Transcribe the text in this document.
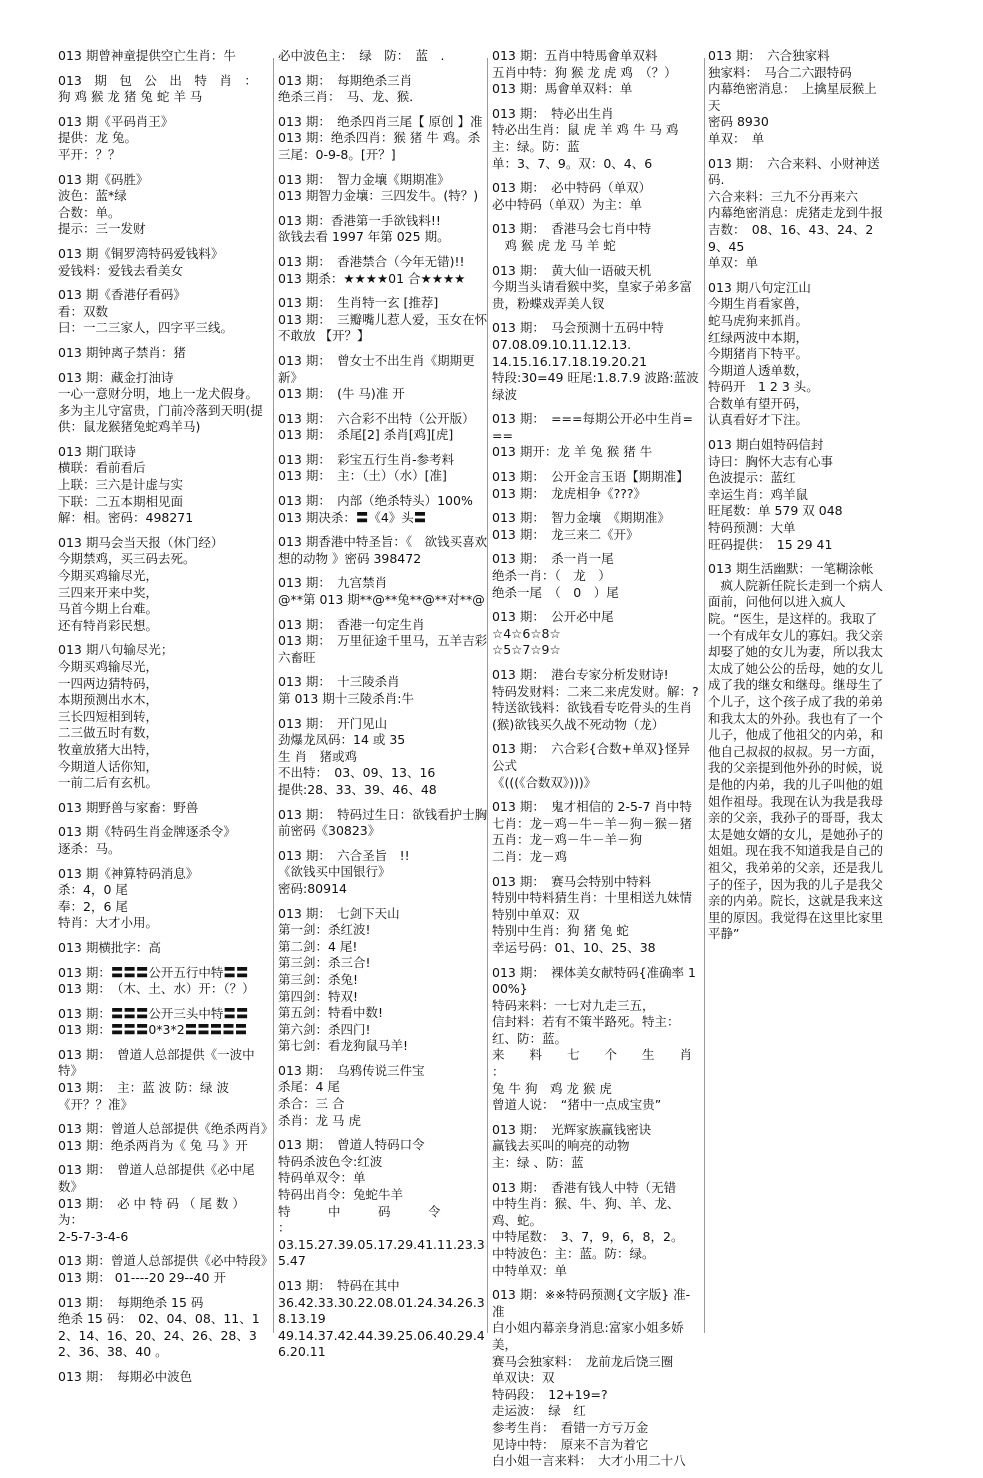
013 期曾神童提供空亡生肖：牛
013　期　包　公　出　特　肖　：
狗 鸡 猴 龙 猪 兔 蛇 羊 马
013 期《平码肖王》
提供：龙 兔。
平开：？？
013 期《码胜》
波色：蓝*绿
合数：单。
提示：三一发财
013 期《铜罗湾特码爱钱料》
爱钱料：爱钱去看美女
013 期《香港仔看码》
看：双数
曰：一二三家人，四字平三线。
013 期钟离子禁肖：猪
013 期：藏金打油诗
一心一意财分明，地上一龙犬假身。多为主儿守富贵，门前冷落到天明(提供：鼠龙猴猪兔蛇鸡羊马)
013 期门联诗
横联：看前看后
上联：三六是计虚与实
下联：二五本期相见面
解：相。密码：498271
013 期马会当天报（休门经）
今期禁鸡，买三码去死。
今期买鸡输尽光，
三四来开来中奖，
马首今期上台难。
还有特肖彩民想。
013 期八句输尽光；
今期买鸡输尽光，
一四两边猜特码，
本期预测出水木，
三长四短相到转，
二三做五时有数，
牧童放猪大出特，
今期道人话你知，
一前二后有玄机。
013 期野兽与家畜：野兽
013 期《特码生肖金牌逐杀令》
逐杀：马。
013 期《神算特码消息》
杀：4，0 尾
奉：2，6 尾
特肖：大才小用。
013 期横批字：高
013 期：〓〓〓公开五行中特〓〓
013 期：　（木、土、水）开：（？）
013 期：〓〓〓公开三头中特〓〓
013 期：〓〓〓0*3*2〓〓〓〓〓
013 期：　曾道人总部提供《一波中特》
013 期：　主：蓝 波 防：绿 波《开？？准》
013 期：曾道人总部提供《绝杀两肖》
013 期：绝杀两肖为《 兔 马 》开
013 期：　曾道人总部提供《必中尾数》
013 期：　必 中 特 码 （ 尾 数 ） 为：
2-5-7-3-4-6
013 期：曾道人总部提供《必中特段》
013 期： 01----20 29--40 开
013 期：　每期绝杀 15 码
绝杀 15 码：　02、04、08、11、12、14、16、20、24、26、28、32、36、38、40 。
013 期：　每期必中波色
必中波色主：　绿　防：　蓝　.
013 期：　每期绝杀三肖
绝杀三肖：　马、龙、猴．
013 期：　绝杀四肖三尾【 原创 】准
013 期：绝杀四肖：猴 猪 牛 鸡。杀三尾：0-9-8。[开？]
013 期：　智力金壤《期期准》
013 期智力金壤：三四发牛。(特？)
013 期：香港第一手欲钱料!!
欲钱去看 1997 年第 025 期。
013 期：　香港禁合（今年无错)!!
013 期杀：★★★★01 合★★★★
013 期：　生肖特一玄 [推荐]
013 期：　三瓣嘴儿惹人爱，玉女在怀不敢放 【开？】
013 期：　曾女士不出生肖《期期更新》
013 期：　(牛 马)准 开
013 期：　六合彩不出特（公开版）
013 期：　杀尾[2] 杀肖[鸡][虎]
013 期：　彩宝五行生肖-参考料
013 期：　主：（土）（水）[准]
013 期：　内部（绝杀特头）100%
013 期决杀：〓《4》头〓
013 期香港中特圣旨：《　欲钱买喜欢想的动物 》密码 398472
013 期：　九宫禁肖
@**第 013 期**@**兔**@**对**@
013 期：　香港一句定生肖
013 期：　万里征途千里马，五羊吉彩六畜旺
013 期：　十三陵杀肖
第 013 期十三陵杀肖:牛
013 期：　开门见山
劲爆龙凤码：14 或 35
生 肖　猪或鸡
不出特：　03、09、13、16
提供:28、33、39、46、48
013 期：　特码过生日：欲钱看护士胸前密码《30823》
013 期：　六合圣旨　!!
《欲钱买中国银行》
密码:80914
013 期：　七剑下天山
第一剑：杀红波!
第二剑：4 尾!
第三剑：杀三合!
第三剑：杀兔!
第四剑：特双!
第五剑：特看中数!
第六剑：杀四门!
第七剑：看龙狗鼠马羊!
013 期：　乌鸦传说三件宝
杀尾：4 尾
杀合：三 合
杀肖：龙 马 虎
013 期：　曾道人特码口令
特码杀波色令:红波
特码单双令：单
特码出肖令：兔蛇牛羊
特　　　中　　　码　　　令　　　：
03.15.27.39.05.17.29.41.11.23.35.47
013 期：　特码在其中
36.42.33.30.22.08.01.24.34.26.38.13.19
49.14.37.42.44.39.25.06.40.29.46.20.11
013 期：五肖中特馬會单双料
五肖中特：狗 猴 龙 虎 鸡　（？）
013 期：馬會单双料：单
013 期：　特必出生肖
特必出生肖：鼠 虎 羊 鸡 牛 马 鸡
主：绿。防：蓝
单：3、7、9。双：0、4、6
013 期：　必中特码（单双）
必中特码（单双）为主：单
013 期：　香港马会七肖中特
　鸡 猴 虎 龙 马 羊 蛇
013 期：　黄大仙一语破天机
今期当头请看猴中奖，皇家子弟多富贵，粉蝶戏弄美人钗
013 期：　马会预测十五码中特
07.08.09.10.11.12.13.
14.15.16.17.18.19.20.21
特段:30=49 旺尾:1.8.7.9 波路:蓝波绿波
013 期：　===每期公开必中生肖===
013 期开：龙 羊 兔 猴 猪 牛
013 期：　公开金言玉语【期期准】
013 期：　龙虎相争《???》
013 期：　智力金壤　《期期准》
013 期：　龙三来二《开》
013 期：　杀一肖一尾
绝杀一肖：（　龙　）
绝杀一尾　（　0　）尾
013 期：　公开必中尾
☆4☆6☆8☆
☆5☆7☆9☆
013 期：　港台专家分析发财诗!
特码发财料：二来二来虎发财。解：?
特送欲钱料：欲钱看专吃骨头的生肖(猴)欲钱买久战不死动物（龙）
013 期：　六合彩{合数+单双}怪异公式
《(((《合数双》)))》
013 期：　鬼才相信的 2-5-7 肖中特
七肖：龙－鸡－牛－羊－狗－猴－猪
五肖：龙－鸡－牛－羊－狗
二肖：龙－鸡
013 期：　赛马会特别中特料
特别中特料猜生肖：十里相送九妹情
特别中单双：双
特别中生肖：狗 猪 兔 蛇
幸运号码：01、10、25、38
013 期：　裸体美女献特码{准确率 100%}
特码来料：一七对九走三五，
信封料：若有不策半路死。特主：红、防：蓝。
来　　料　　七　　个　　生　　肖　　：
兔 牛 狗　鸡 龙 猴 虎
曾道人说：　“猪中一点成宝贵”
013 期：　光辉家族赢钱密诀
赢钱去买叫的响亮的动物
主：绿 、防：蓝
013 期：　香港有钱人中特（无错
中特生肖：猴、牛、狗、羊、龙、鸡、蛇。
中特尾数：　3、7，9，6，8，2。
中特波色：主：蓝。防：绿。
中特单双：单
013 期：※※特码预测{文字版} 准-准
白小姐内幕亲身消息:富家小姐多娇美，
赛马会独家料：　龙前龙后饶三圈
单双诀：双
特码段：　12+19=?
走运波：　绿　红
参考生肖：　看错一方亏万金
见诗中特：　原来不言为着它
白小姐一言来料：　大才小用二十八
013 期：　六合独家料
独家料：　马合二六跟特码
内幕绝密消息：　上擒星辰猴上天
密码 8930
单双：　单
013 期：　六合来料、小财神送码.
六合来料：三九不分再来六
内幕绝密消息：虎猪走龙到牛报
吉数：　08、16、43、24、29、45
单双：单
013 期八句定江山
今期生肖看家兽，
蛇马虎狗来抓肖。
红绿两波中本期，
今期猪肖下特平。
今期道人透单数，
特码开　1 2 3 头。
合数单有望开码，
认真看好才下注。
013 期白姐特码信封
诗曰：胸怀大志有心事
色波提示：蓝红
幸运生肖：鸡羊鼠
旺尾数：单 579 双 048
特码预测：大单
旺码提供：　15 29 41
013 期生活幽默：一笔糊涂帐
　疯人院新任院长走到一个病人面前，问他何以进入疯人院。“医生，是这样的。我取了一个有成年女儿的寡妇。我父亲却娶了她的女儿为妻，所以我太太成了她公公的岳母，她的女儿成了我的继女和继母。继母生了个儿子，这个孩子成了我的弟弟和我太太的外孙。我也有了一个儿子，他成了他祖父的内弟，和他自己叔叔的叔叔。另一方面，我的父亲提到他外孙的时候，说是他的内弟，我的儿子叫他的姐姐作祖母。我现在认为我是我母亲的父亲，我孙子的哥哥，我太太是她女婿的女儿，是她孙子的姐姐。现在我不知道我是自己的祖父，我弟弟的父亲，还是我儿子的侄子，因为我的儿子是我父亲的内弟。院长，这就是我来这里的原因。我觉得在这里比家里平静”
